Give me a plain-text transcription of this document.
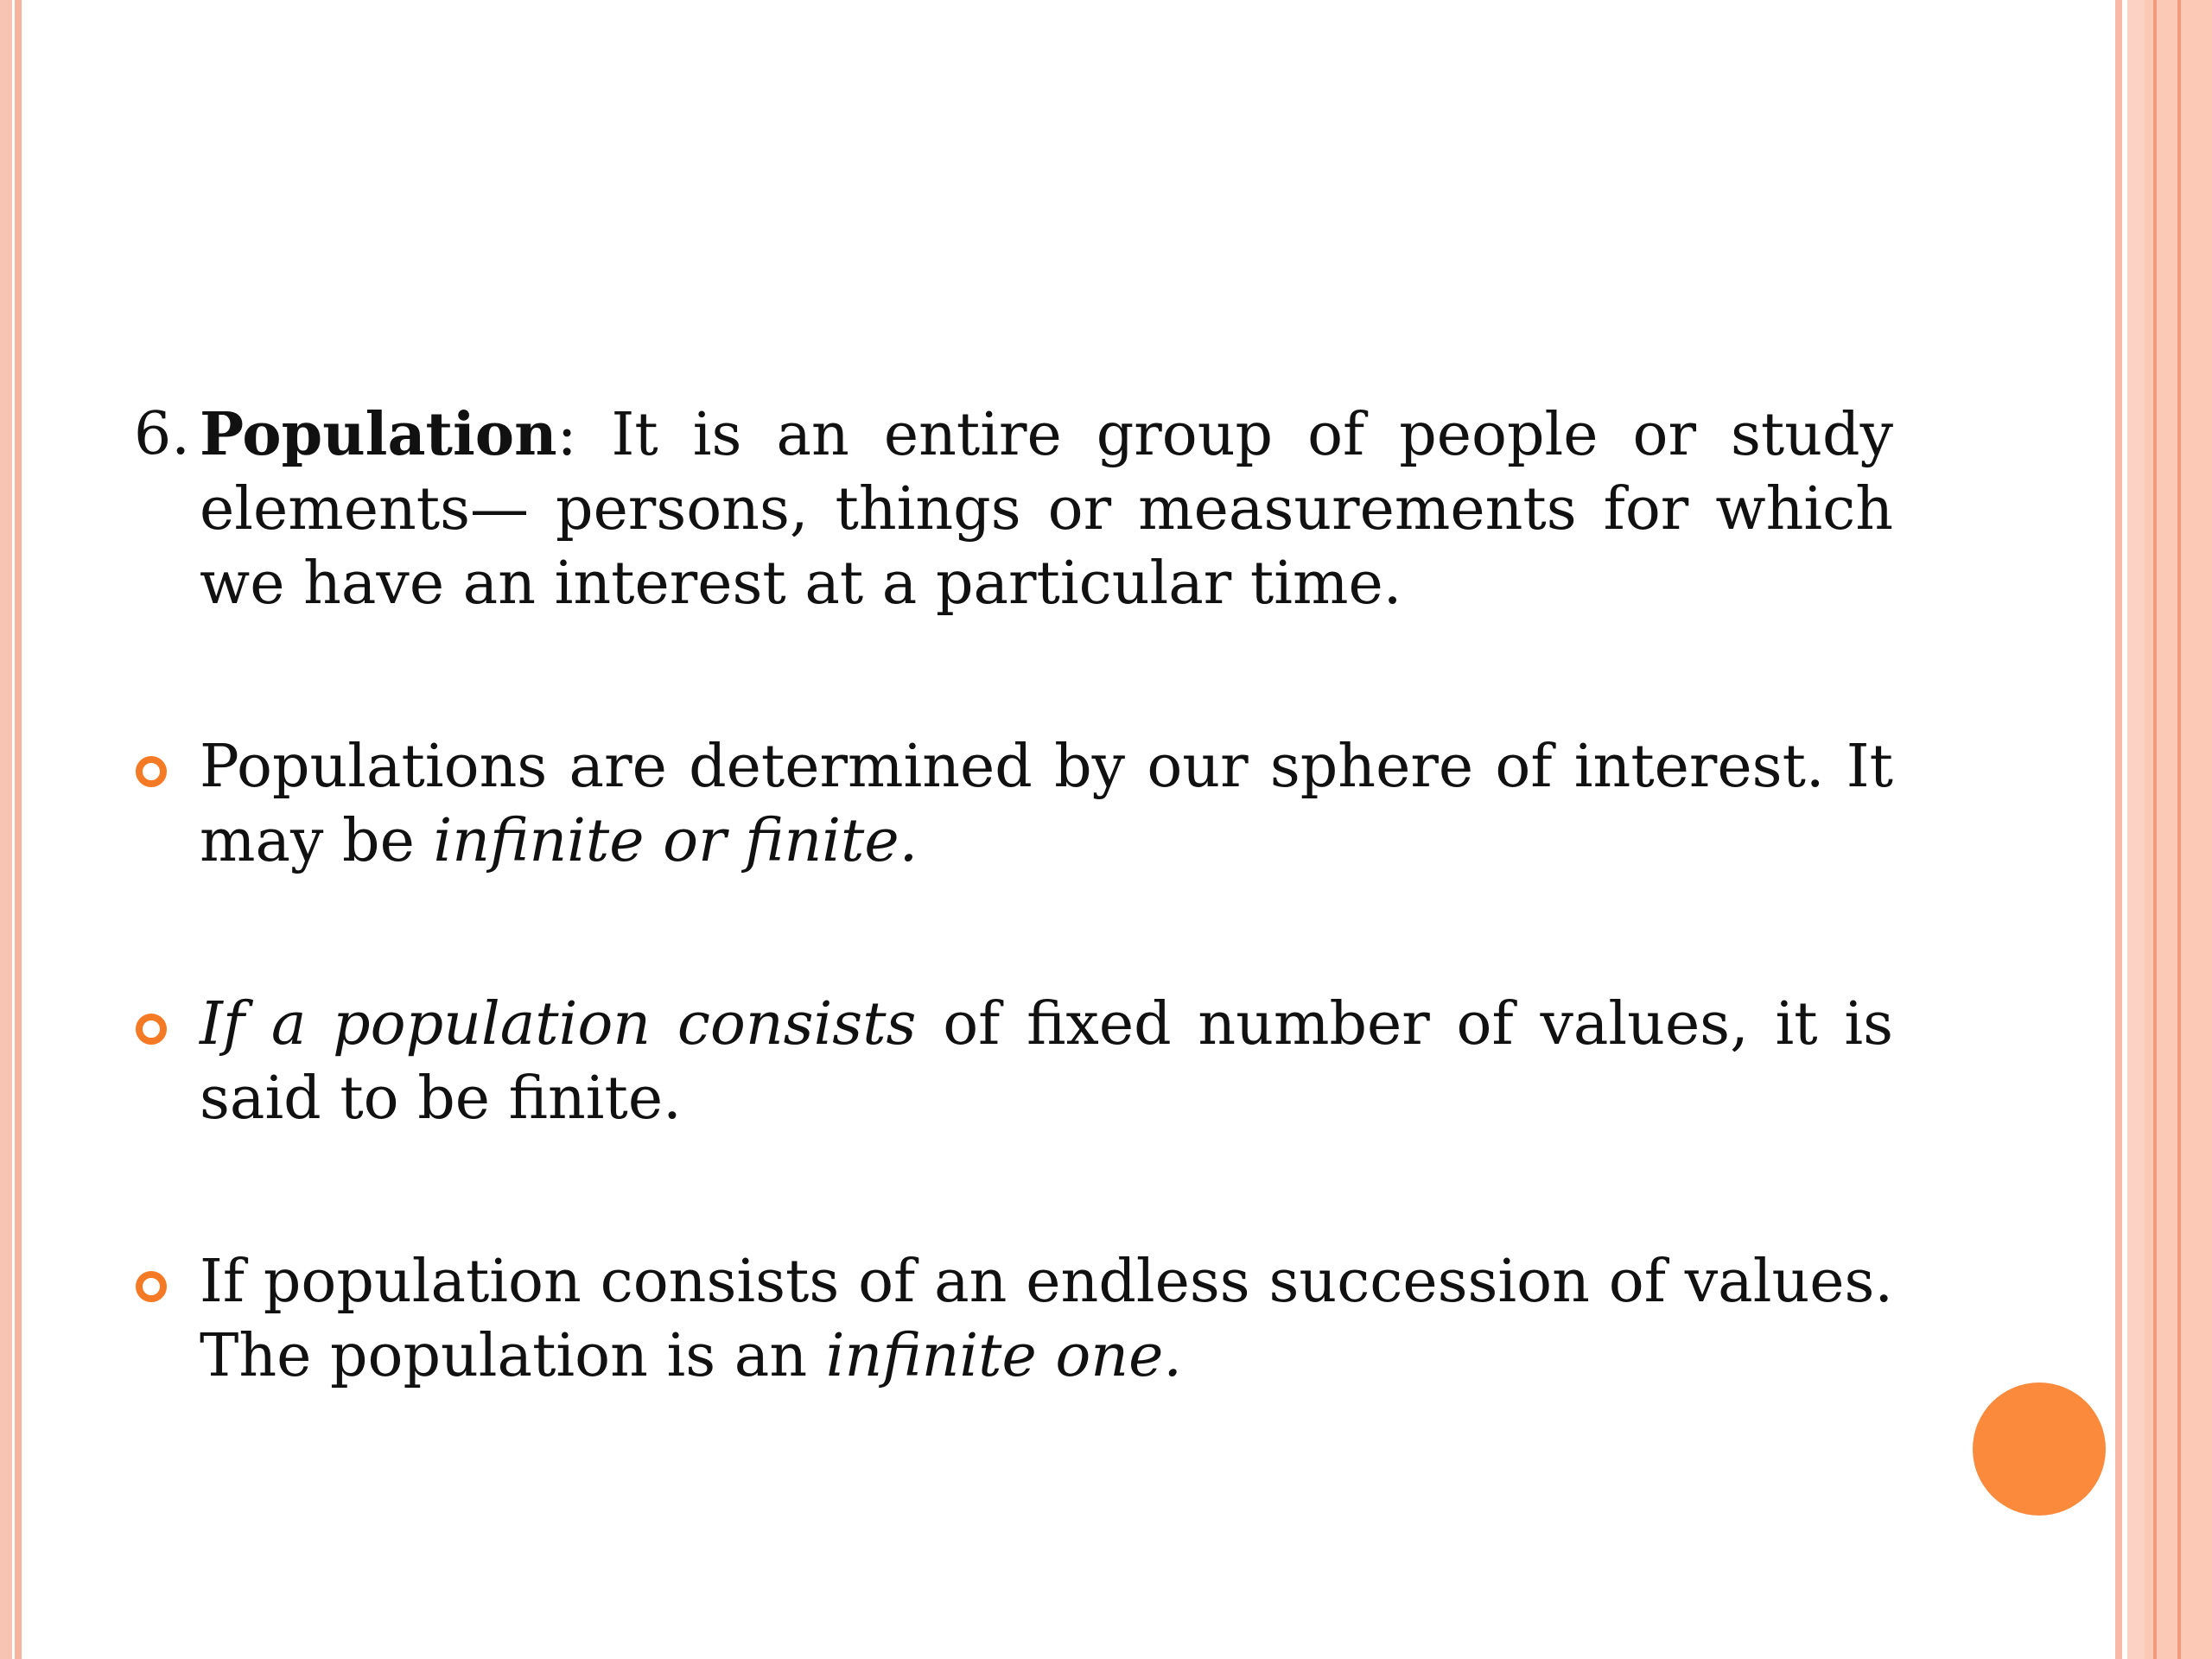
6. Population: It is an entire group of people or study elements— persons, things or measurements for which we have an interest at a particular time.

Populations are determined by our sphere of interest. It may be infinite or finite.

If a population consists of fixed number of values, it is said to be finite.

If population consists of an endless succession of values. The population is an infinite one.
